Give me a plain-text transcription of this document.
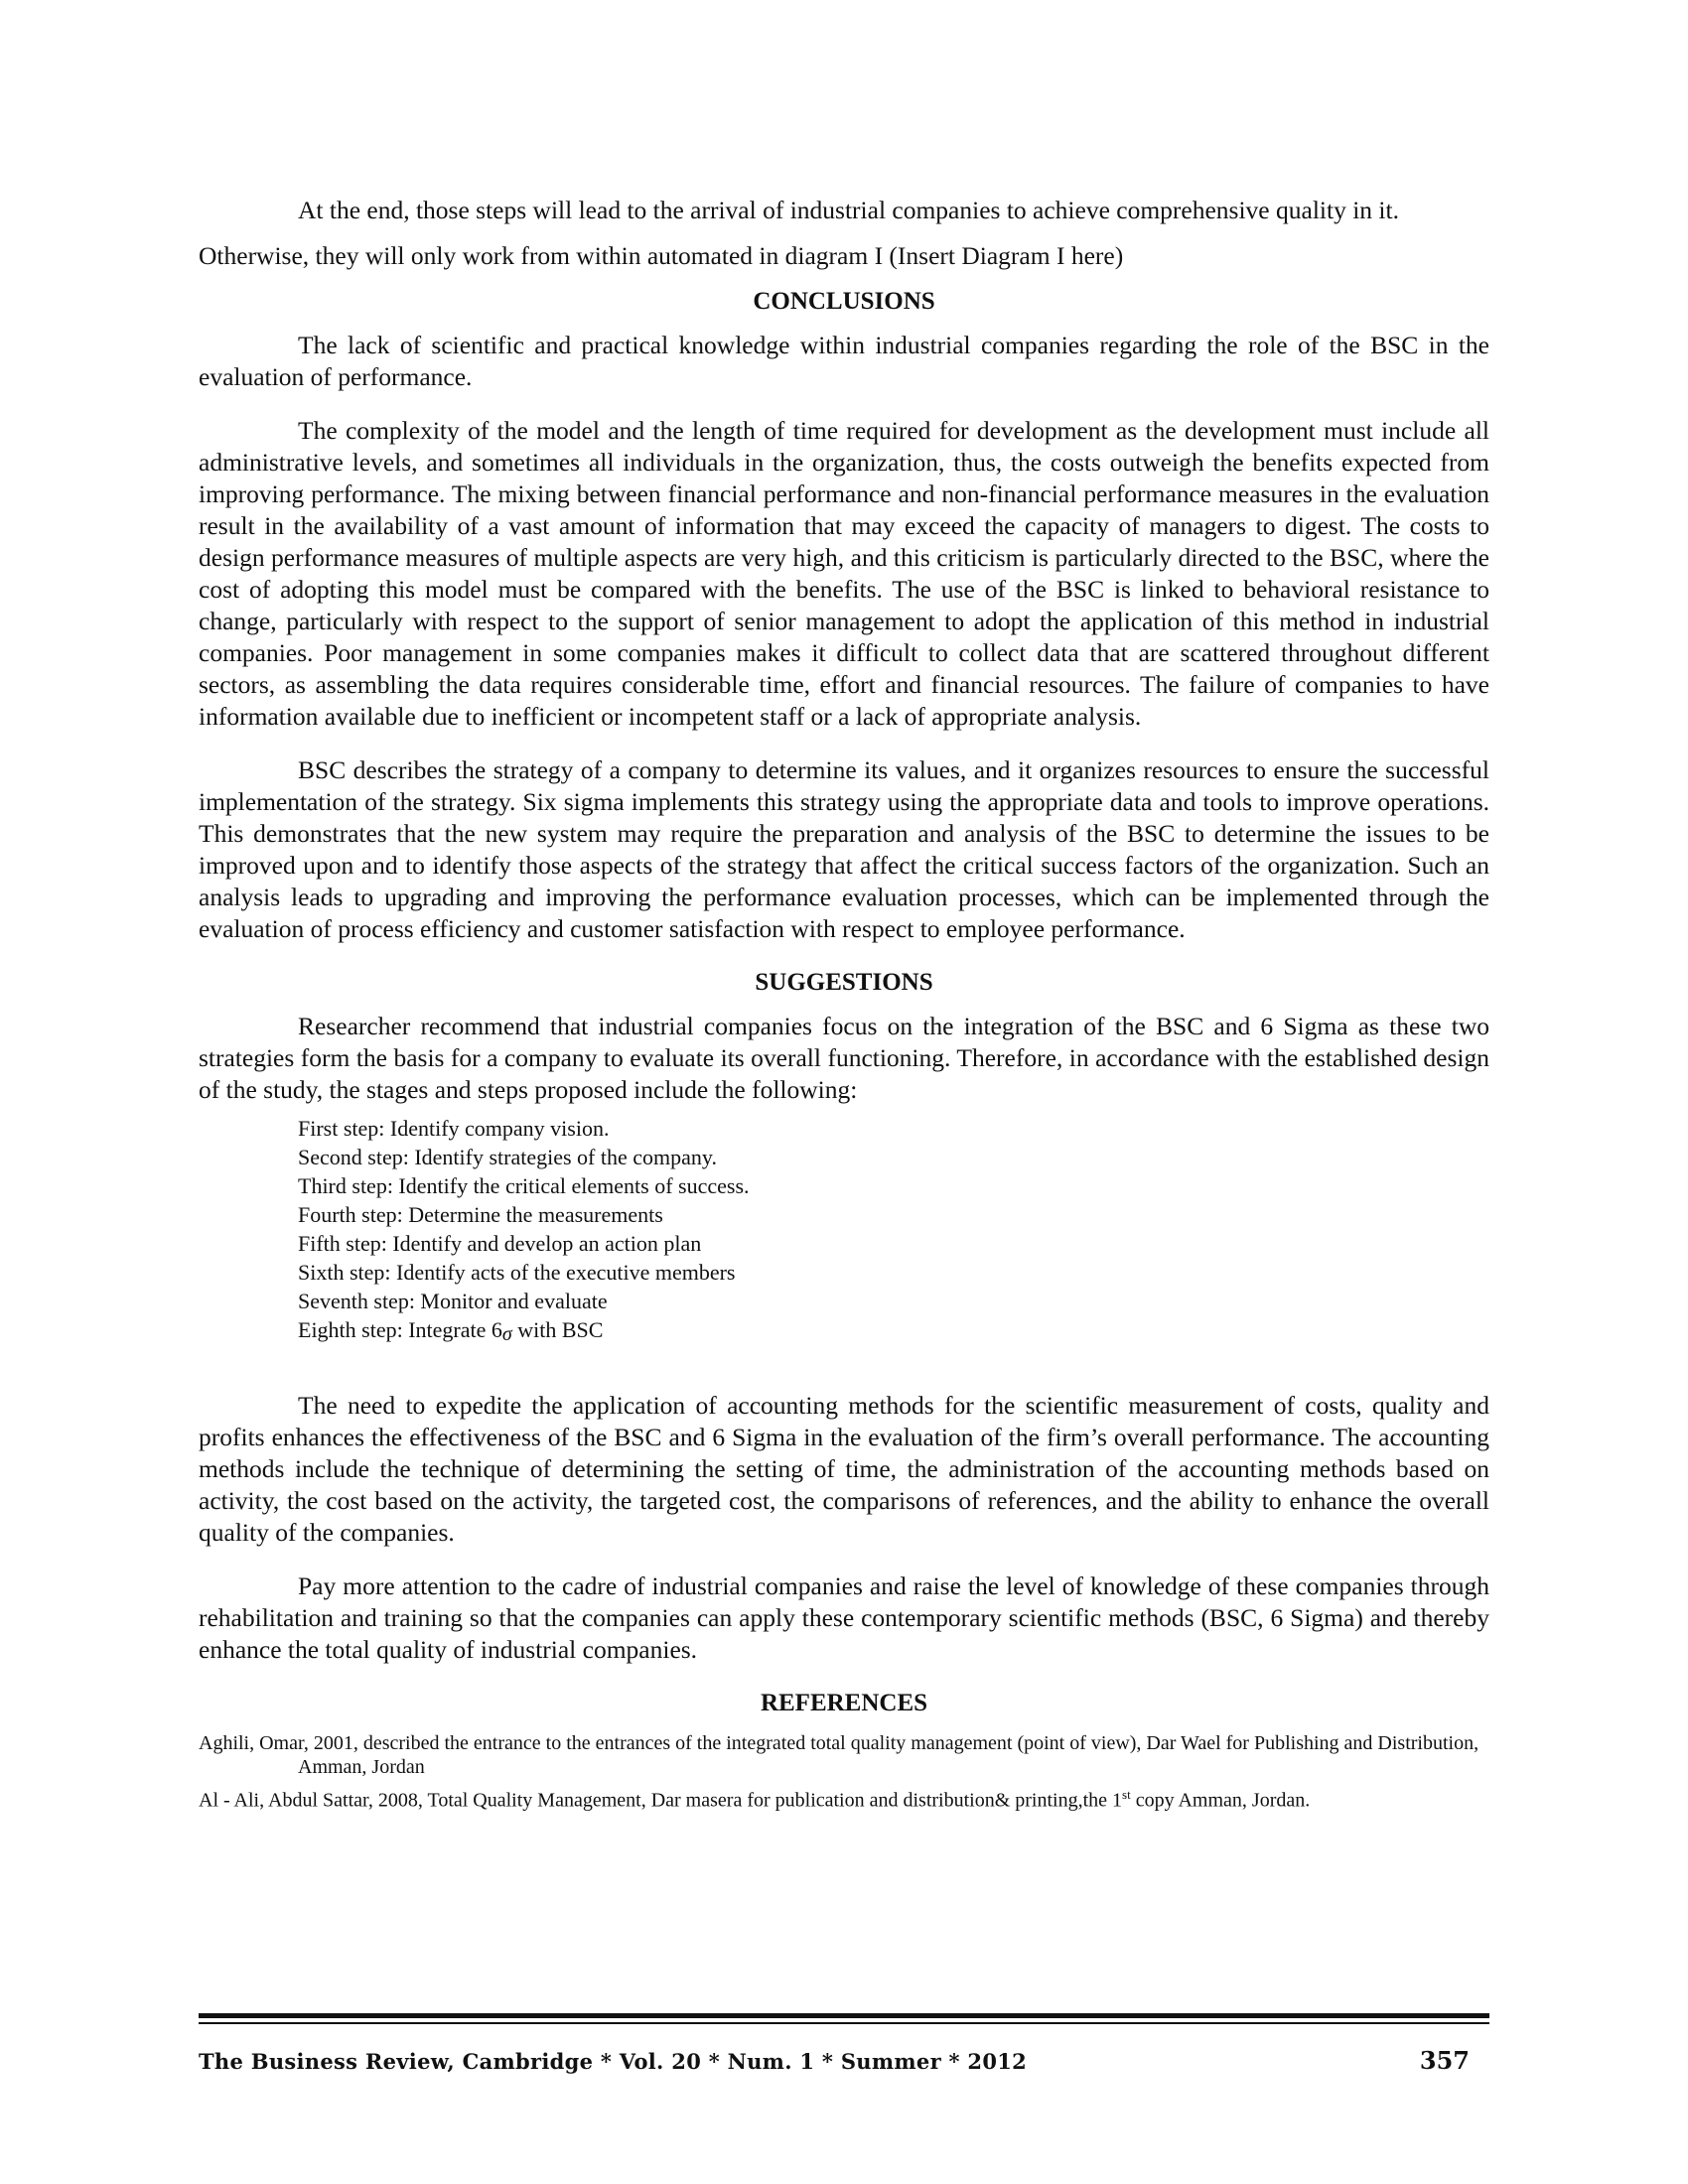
At the end, those steps will lead to the arrival of industrial companies to achieve comprehensive quality in it.

Otherwise, they will only work from within automated in diagram I (Insert Diagram I here)

CONCLUSIONS

The lack of scientific and practical knowledge within industrial companies regarding the role of the BSC in the evaluation of performance.

The complexity of the model and the length of time required for development as the development must include all administrative levels, and sometimes all individuals in the organization, thus, the costs outweigh the benefits expected from improving performance. The mixing between financial performance and non-financial performance measures in the evaluation result in the availability of a vast amount of information that may exceed the capacity of managers to digest. The costs to design performance measures of multiple aspects are very high, and this criticism is particularly directed to the BSC, where the cost of adopting this model must be compared with the benefits. The use of the BSC is linked to behavioral resistance to change, particularly with respect to the support of senior management to adopt the application of this method in industrial companies. Poor management in some companies makes it difficult to collect data that are scattered throughout different sectors, as assembling the data requires considerable time, effort and financial resources. The failure of companies to have information available due to inefficient or incompetent staff or a lack of appropriate analysis.

BSC describes the strategy of a company to determine its values, and it organizes resources to ensure the successful implementation of the strategy. Six sigma implements this strategy using the appropriate data and tools to improve operations. This demonstrates that the new system may require the preparation and analysis of the BSC to determine the issues to be improved upon and to identify those aspects of the strategy that affect the critical success factors of the organization. Such an analysis leads to upgrading and improving the performance evaluation processes, which can be implemented through the evaluation of process efficiency and customer satisfaction with respect to employee performance.

SUGGESTIONS

Researcher recommend that industrial companies focus on the integration of the BSC and 6 Sigma as these two strategies form the basis for a company to evaluate its overall functioning. Therefore, in accordance with the established design of the study, the stages and steps proposed include the following:

First step: Identify company vision.
Second step: Identify strategies of the company.
Third step: Identify the critical elements of success.
Fourth step: Determine the measurements
Fifth step: Identify and develop an action plan
Sixth step: Identify acts of the executive members
Seventh step: Monitor and evaluate
Eighth step: Integrate 6σ with BSC

The need to expedite the application of accounting methods for the scientific measurement of costs, quality and profits enhances the effectiveness of the BSC and 6 Sigma in the evaluation of the firm’s overall performance. The accounting methods include the technique of determining the setting of time, the administration of the accounting methods based on activity, the cost based on the activity, the targeted cost, the comparisons of references, and the ability to enhance the overall quality of the companies.

Pay more attention to the cadre of industrial companies and raise the level of knowledge of these companies through rehabilitation and training so that the companies can apply these contemporary scientific methods (BSC, 6 Sigma) and thereby enhance the total quality of industrial companies.

REFERENCES

Aghili, Omar, 2001, described the entrance to the entrances of the integrated total quality management (point of view), Dar Wael for Publishing and Distribution, Amman, Jordan

Al - Ali, Abdul Sattar, 2008, Total Quality Management, Dar masera for publication and distribution& printing,the 1st copy Amman, Jordan.

The Business Review, Cambridge * Vol. 20 * Num. 1 * Summer * 2012	357
